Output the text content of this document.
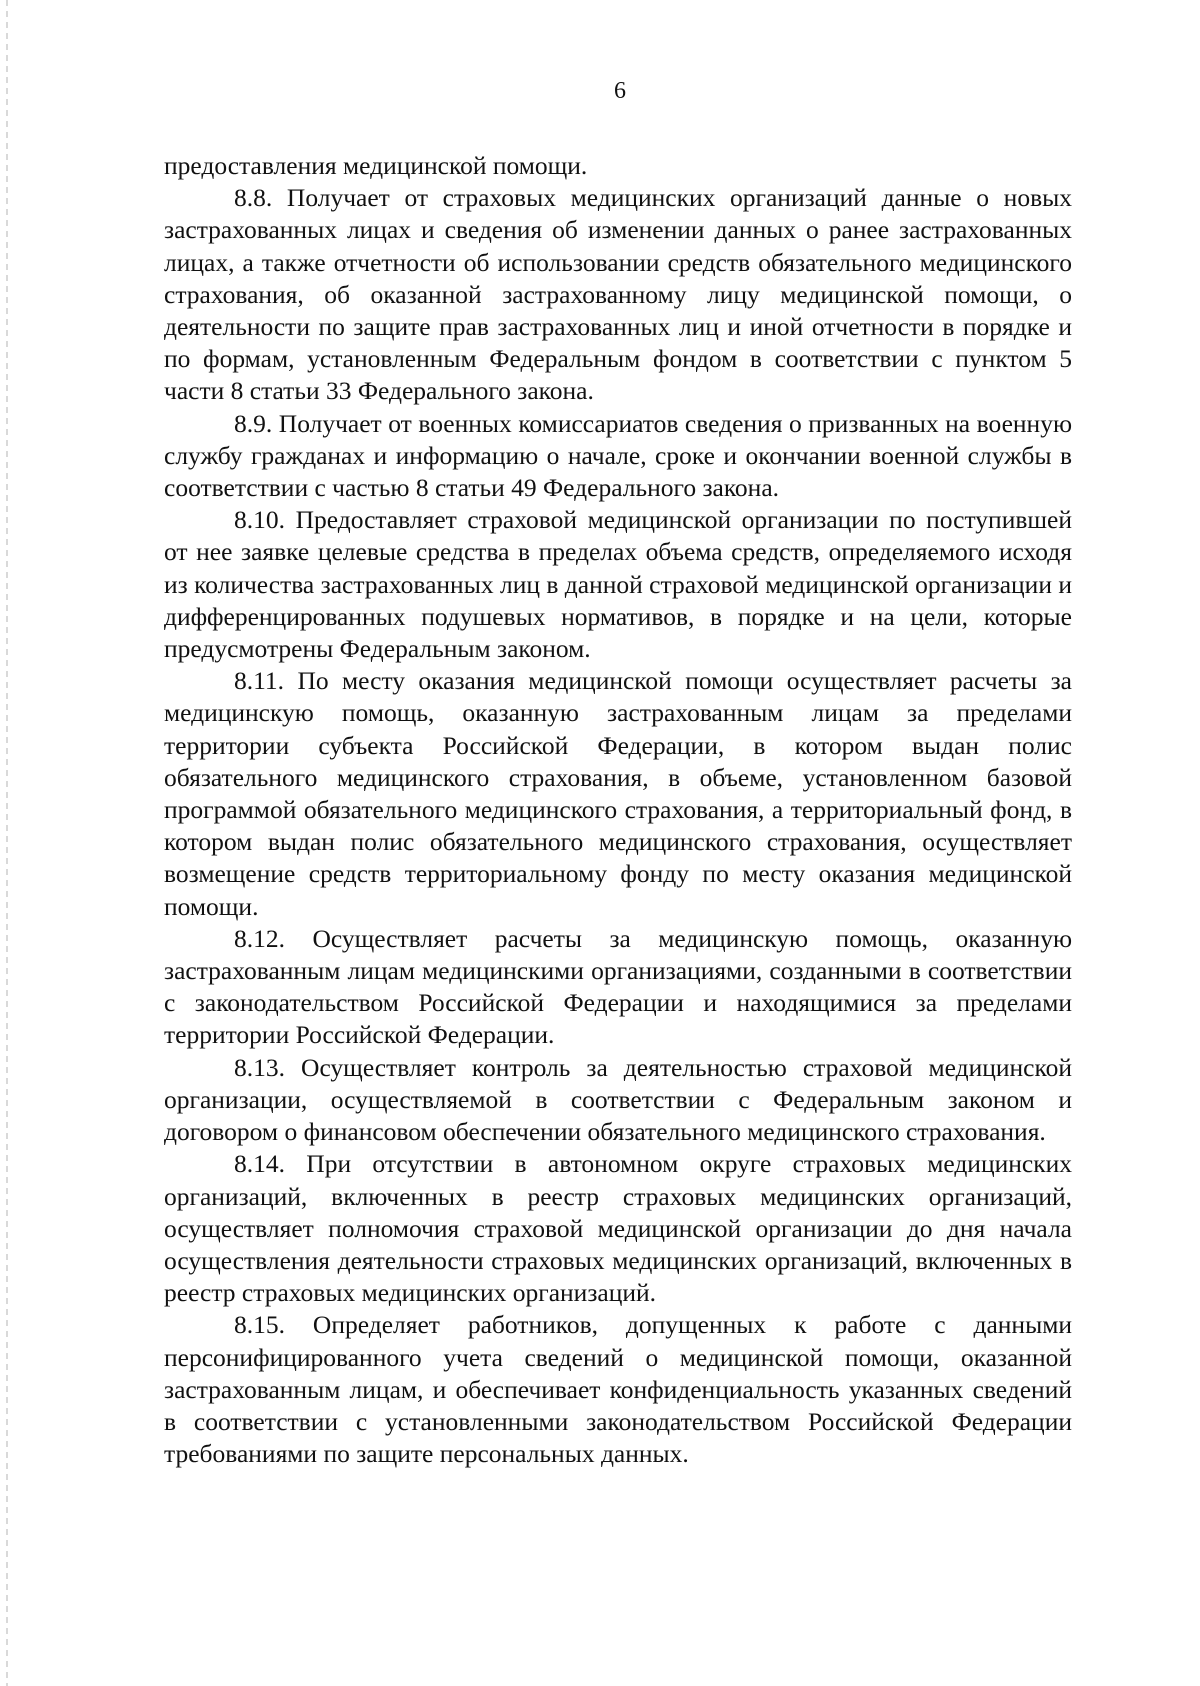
6

предоставления медицинской помощи.

8.8. Получает от страховых медицинских организаций данные о новых застрахованных лицах и сведения об изменении данных о ранее застрахованных лицах, а также отчетности об использовании средств обязательного медицинского страхования, об оказанной застрахованному лицу медицинской помощи, о деятельности по защите прав застрахованных лиц и иной отчетности в порядке и по формам, установленным Федеральным фондом в соответствии с пунктом 5 части 8 статьи 33 Федерального закона.

8.9. Получает от военных комиссариатов сведения о призванных на военную службу гражданах и информацию о начале, сроке и окончании военной службы в соответствии с частью 8 статьи 49 Федерального закона.

8.10. Предоставляет страховой медицинской организации по поступившей от нее заявке целевые средства в пределах объема средств, определяемого исходя из количества застрахованных лиц в данной страховой медицинской организации и дифференцированных подушевых нормативов, в порядке и на цели, которые предусмотрены Федеральным законом.

8.11. По месту оказания медицинской помощи осуществляет расчеты за медицинскую помощь, оказанную застрахованным лицам за пределами территории субъекта Российской Федерации, в котором выдан полис обязательного медицинского страхования, в объеме, установленном базовой программой обязательного медицинского страхования, а территориальный фонд, в котором выдан полис обязательного медицинского страхования, осуществляет возмещение средств территориальному фонду по месту оказания медицинской помощи.

8.12. Осуществляет расчеты за медицинскую помощь, оказанную застрахованным лицам медицинскими организациями, созданными в соответствии с законодательством Российской Федерации и находящимися за пределами территории Российской Федерации.

8.13. Осуществляет контроль за деятельностью страховой медицинской организации, осуществляемой в соответствии с Федеральным законом и договором о финансовом обеспечении обязательного медицинского страхования.

8.14. При отсутствии в автономном округе страховых медицинских организаций, включенных в реестр страховых медицинских организаций, осуществляет полномочия страховой медицинской организации до дня начала осуществления деятельности страховых медицинских организаций, включенных в реестр страховых медицинских организаций.

8.15. Определяет работников, допущенных к работе с данными персонифицированного учета сведений о медицинской помощи, оказанной застрахованным лицам, и обеспечивает конфиденциальность указанных сведений в соответствии с установленными законодательством Российской Федерации требованиями по защите персональных данных.
